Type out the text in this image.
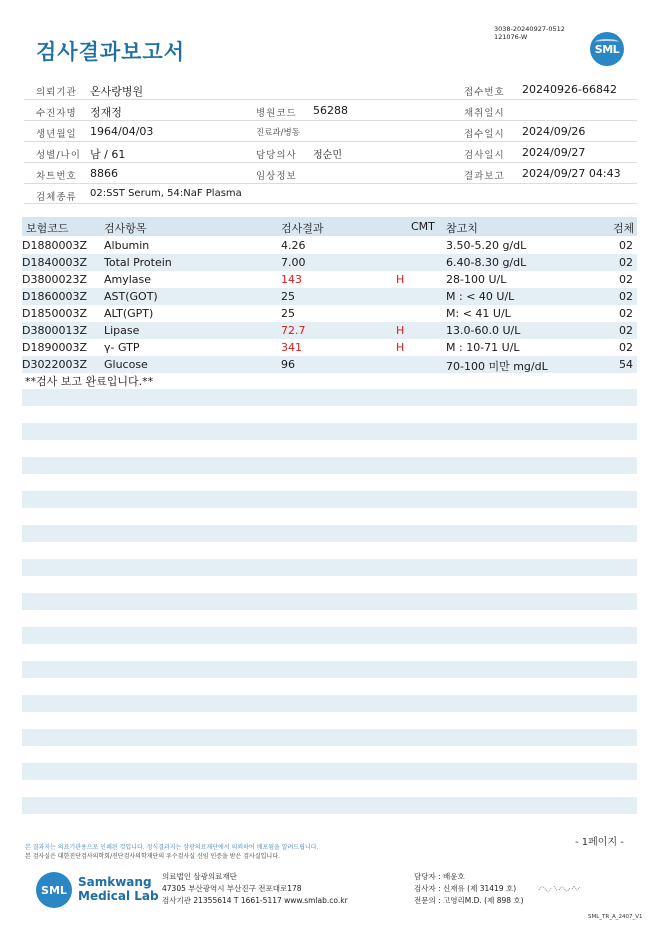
검사결과보고서
3038-20240927-0512
121076-W
SML
의뢰기관 온사랑병원	접수번호 20240926-66842
수진자명 정재정	병원코드 56288	채취일시
생년월일 1964/04/03	진료과/병동	접수일시 2024/09/26
성별/나이 남 / 61	담당의사 정순민	검사일시 2024/09/27
차트번호 8866	임상정보	결과보고 2024/09/27 04:43
검체종류 02:SST Serum, 54:NaF Plasma
보험코드	검사항목	검사결과	CMT 참고치	검체
D1880003Z Albumin	4.26	3.50-5.20 g/dL	02
D1840003Z Total Protein	7.00	6.40-8.30 g/dL	02
D3800023Z Amylase	143	H	28-100 U/L	02
D1860003Z AST(GOT)	25	M : < 40 U/L	02
D1850003Z ALT(GPT)	25	M: < 41 U/L	02
D3800013Z Lipase	72.7	H	13.0-60.0 U/L	02
D1890003Z γ- GTP	341	H	M : 10-71 U/L	02
D3022003Z Glucose	96	70-100 미만 mg/dL	54
**검사 보고 완료입니다.**
본 결과지는 의료기관용으로 인쇄된 것입니다. 정식결과지는 삼광의료재단에서 의뢰하여 배포됨을 알려드립니다.
본 검사실은 대한진단검사의학회/진단검사의학재단의 우수검사실 신임 인증을 받은 검사실입니다.
- 1페이지 -
SML
Samkwang
Medical Lab
의료법인 삼광의료재단
47305 부산광역시 부산진구 전포대로178
검사기관 21355614 T 1661-5117 www.smlab.co.kr
담당자 : 배윤호
검사자 : 신재유 (제 31419 호)
전문의 : 고영리M.D. (제 898 호)
SML_TR_A_2407_V1
